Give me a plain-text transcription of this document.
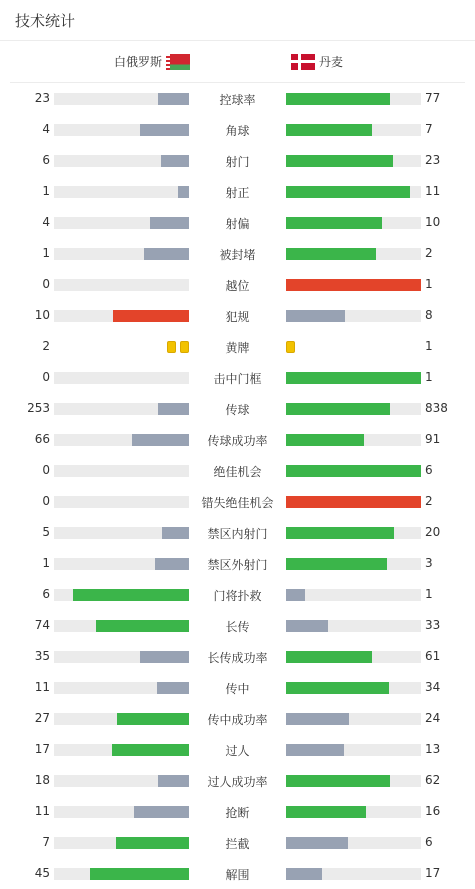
技术统计
白俄罗斯	丹麦
23	控球率	77
4	角球	7
6	射门	23
1	射正	11
4	射偏	10
1	被封堵	2
0	越位	1
10	犯规	8
2	黄牌	1
0	击中门框	1
253	传球	838
66	传球成功率	91
0	绝佳机会	6
0	错失绝佳机会	2
5	禁区内射门	20
1	禁区外射门	3
6	门将扑救	1
74	长传	33
35	长传成功率	61
11	传中	34
27	传中成功率	24
17	过人	13
18	过人成功率	62
11	抢断	16
7	拦截	6
45	解围	17
